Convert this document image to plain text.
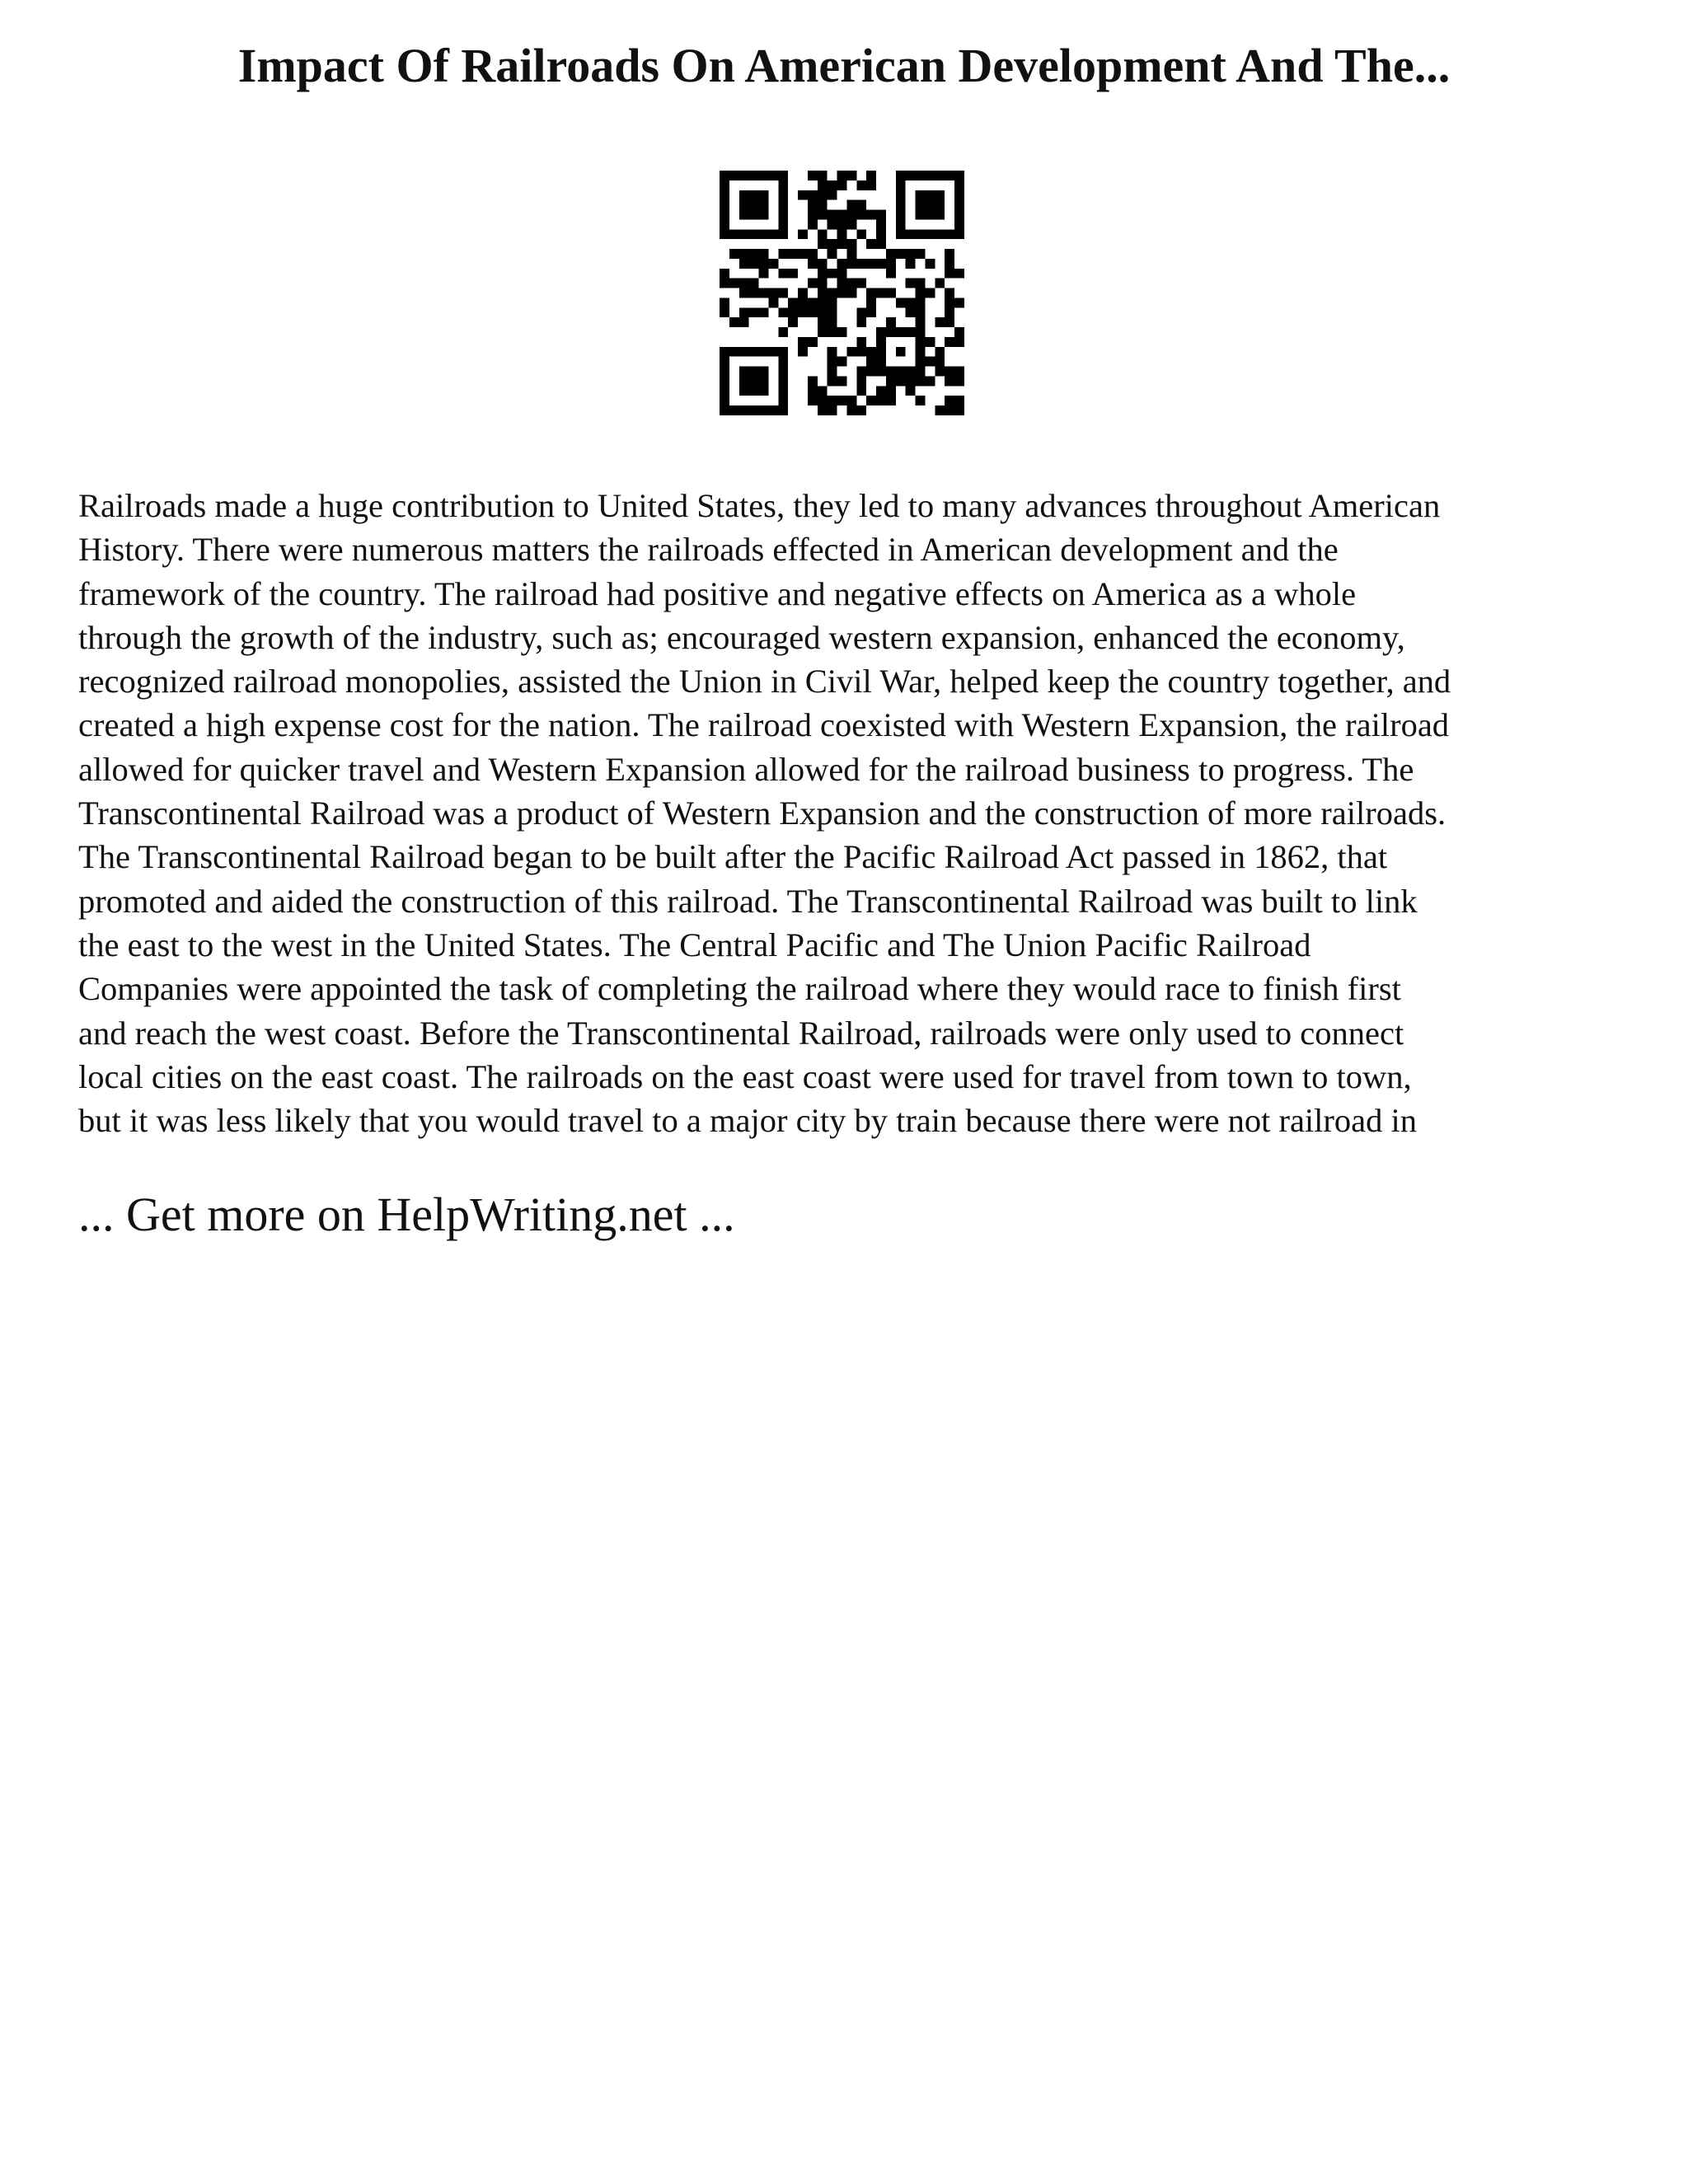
Impact Of Railroads On American Development And The...
Railroads made a huge contribution to United States, they led to many advances throughout American
History. There were numerous matters the railroads effected in American development and the
framework of the country. The railroad had positive and negative effects on America as a whole
through the growth of the industry, such as; encouraged western expansion, enhanced the economy,
recognized railroad monopolies, assisted the Union in Civil War, helped keep the country together, and
created a high expense cost for the nation. The railroad coexisted with Western Expansion, the railroad
allowed for quicker travel and Western Expansion allowed for the railroad business to progress. The
Transcontinental Railroad was a product of Western Expansion and the construction of more railroads.
The Transcontinental Railroad began to be built after the Pacific Railroad Act passed in 1862, that
promoted and aided the construction of this railroad. The Transcontinental Railroad was built to link
the east to the west in the United States. The Central Pacific and The Union Pacific Railroad
Companies were appointed the task of completing the railroad where they would race to finish first
and reach the west coast. Before the Transcontinental Railroad, railroads were only used to connect
local cities on the east coast. The railroads on the east coast were used for travel from town to town,
but it was less likely that you would travel to a major city by train because there were not railroad in
... Get more on HelpWriting.net ...
